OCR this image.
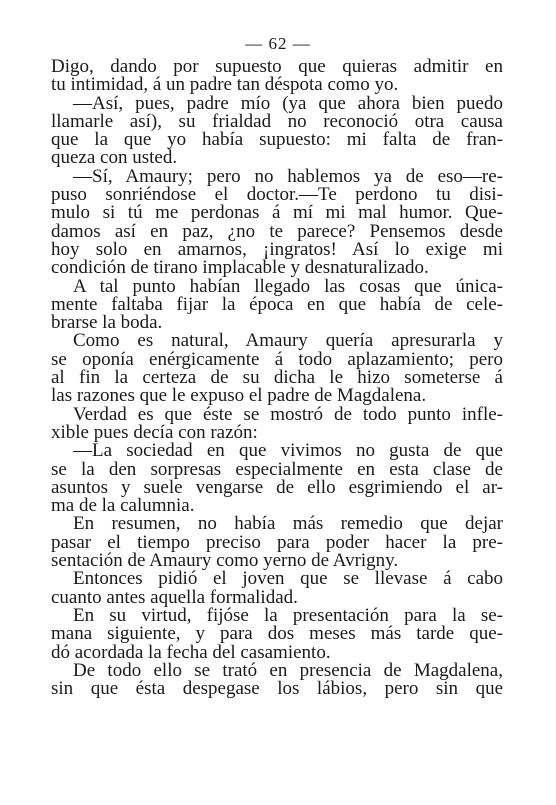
— 62 —
Digo, dando por supuesto que quieras admitir en
tu intimidad, á un padre tan déspota como yo.
—Así, pues, padre mío (ya que ahora bien puedo
llamarle así), su frialdad no reconoció otra causa
que la que yo había supuesto: mi falta de fran-
queza con usted.
—Sí, Amaury; pero no hablemos ya de eso—re-
puso sonriéndose el doctor.—Te perdono tu disi-
mulo si tú me perdonas á mí mi mal humor. Que-
damos así en paz, ¿no te parece? Pensemos desde
hoy solo en amarnos, ¡ingratos! Así lo exige mi
condición de tirano implacable y desnaturalizado.
A tal punto habían llegado las cosas que única-
mente faltaba fijar la época en que había de cele-
brarse la boda.
Como es natural, Amaury quería apresurarla y
se oponía enérgicamente á todo aplazamiento; pero
al fin la certeza de su dicha le hizo someterse á
las razones que le expuso el padre de Magdalena.
Verdad es que éste se mostró de todo punto infle-
xible pues decía con razón:
—La sociedad en que vivimos no gusta de que
se la den sorpresas especialmente en esta clase de
asuntos y suele vengarse de ello esgrimiendo el ar-
ma de la calumnia.
En resumen, no había más remedio que dejar
pasar el tiempo preciso para poder hacer la pre-
sentación de Amaury como yerno de Avrigny.
Entonces pidió el joven que se llevase á cabo
cuanto antes aquella formalidad.
En su virtud, fijóse la presentación para la se-
mana siguiente, y para dos meses más tarde que-
dó acordada la fecha del casamiento.
De todo ello se trató en presencia de Magdalena,
sin que ésta despegase los lábios, pero sin que
